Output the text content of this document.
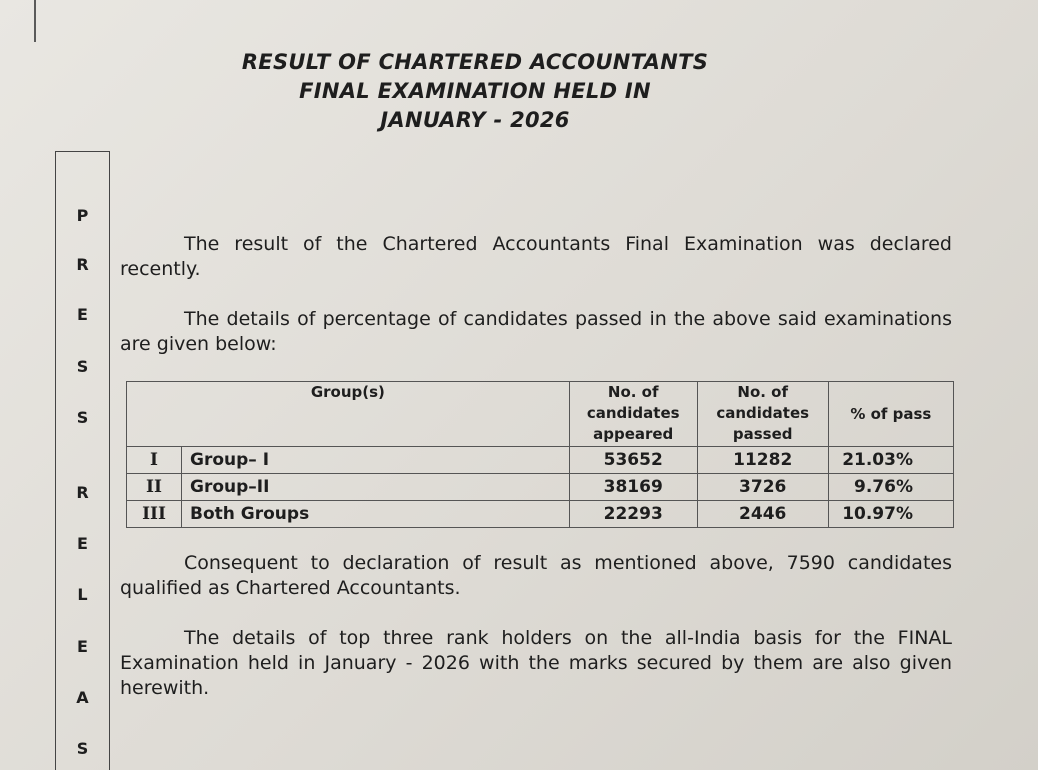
RESULT OF CHARTERED ACCOUNTANTS
FINAL EXAMINATION HELD IN
JANUARY - 2026
P
R
E
S
S
R
E
L
E
A
S
The result of the Chartered Accountants Final Examination was declared recently.
The details of percentage of candidates passed in the above said examinations are given below:
Group(s)		No. of candidates appeared	No. of candidates passed	% of pass
I	Group– I	53652	11282	21.03%
II	Group–II	38169	3726	9.76%
III	Both Groups	22293	2446	10.97%
Consequent to declaration of result as mentioned above, 7590 candidates qualified as Chartered Accountants.
The details of top three rank holders on the all-India basis for the FINAL Examination held in January - 2026 with the marks secured by them are also given herewith.
